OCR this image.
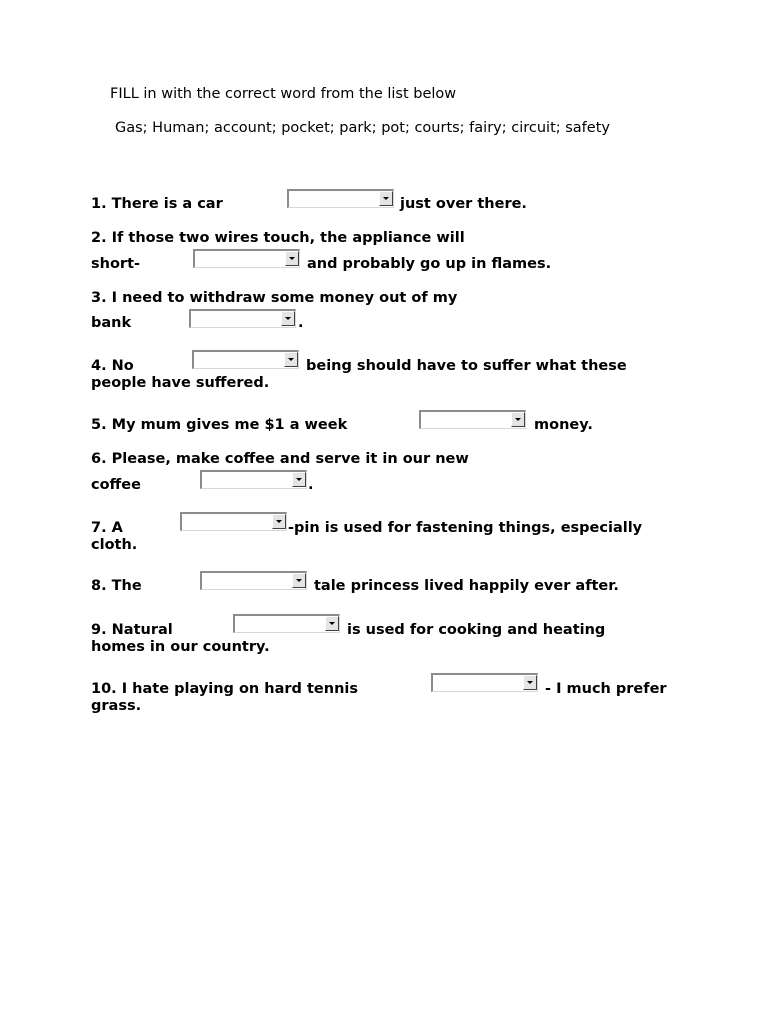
FILL in with the correct word from the list below
Gas; Human; account; pocket; park; pot; courts; fairy; circuit; safety
1. There is a car	just over there.
2. If those two wires touch, the appliance will
short-	and probably go up in flames.
3. I need to withdraw some money out of my
bank	.
4. No	being should have to suffer what these
people have suffered.
5. My mum gives me $1 a week	money.
6. Please, make coffee and serve it in our new
coffee	.
7. A	-pin is used for fastening things, especially
cloth.
8. The	tale princess lived happily ever after.
9. Natural	is used for cooking and heating
homes in our country.
10. I hate playing on hard tennis	- I much prefer
grass.
